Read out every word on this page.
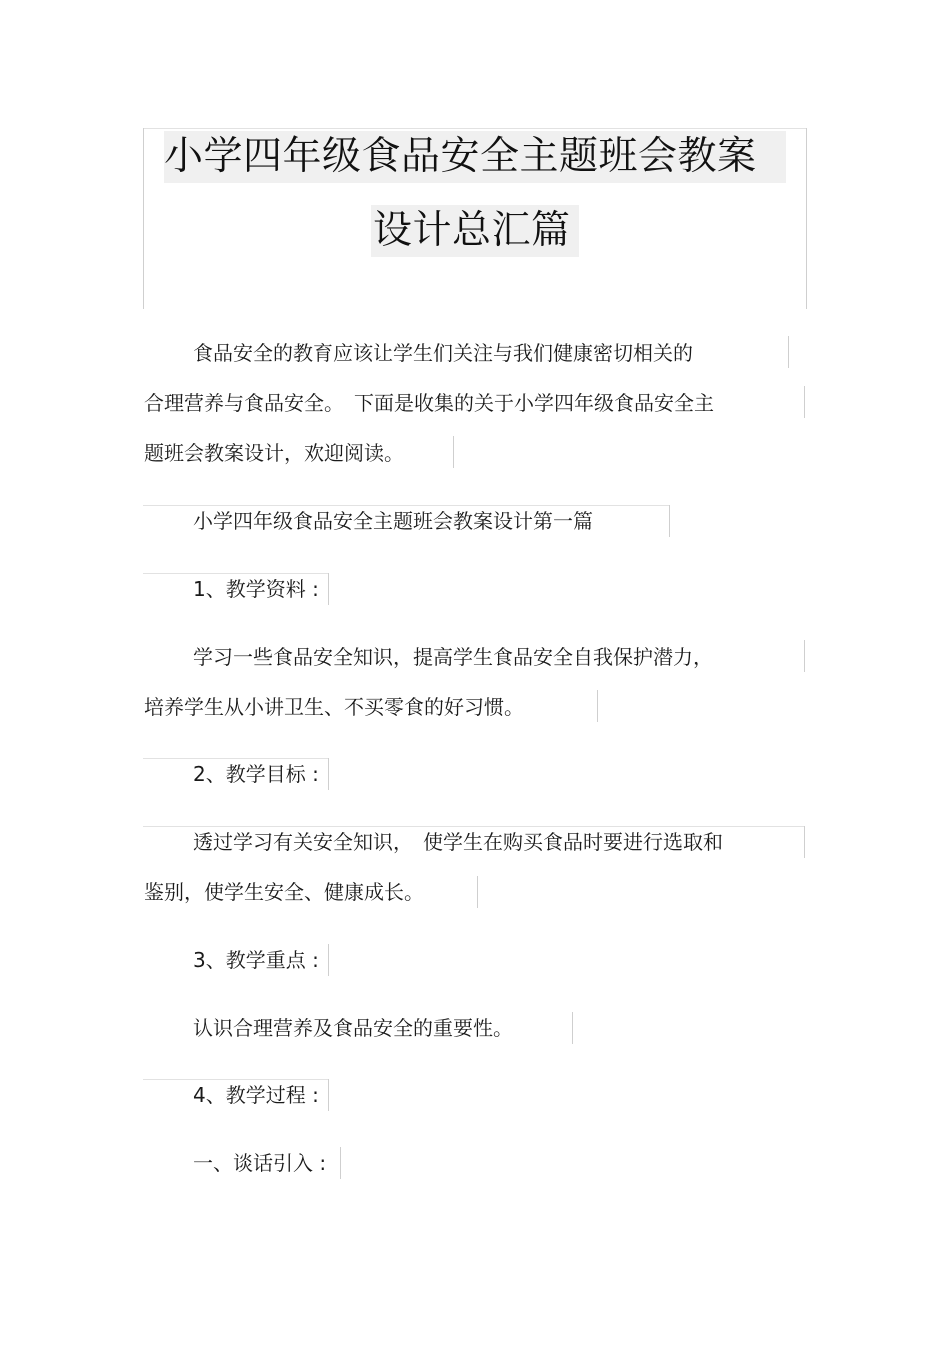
小学四年级食品安全主题班会教案
设计总汇篇
食品安全的教育应该让学生们关注与我们健康密切相关的
合理营养与食品安全。　下面是收集的关于小学四年级食品安全主
题班会教案设计，欢迎阅读。
小学四年级食品安全主题班会教案设计第一篇
1、教学资料 :
学习一些食品安全知识，提高学生食品安全自我保护潜力，
培养学生从小讲卫生、不买零食的好习惯。
2、教学目标 :
透过学习有关安全知识，　使学生在购买食品时要进行选取和
鉴别，使学生安全、健康成长。
3、教学重点 :
认识合理营养及食品安全的重要性。
4、教学过程 :
一、谈话引入 :
